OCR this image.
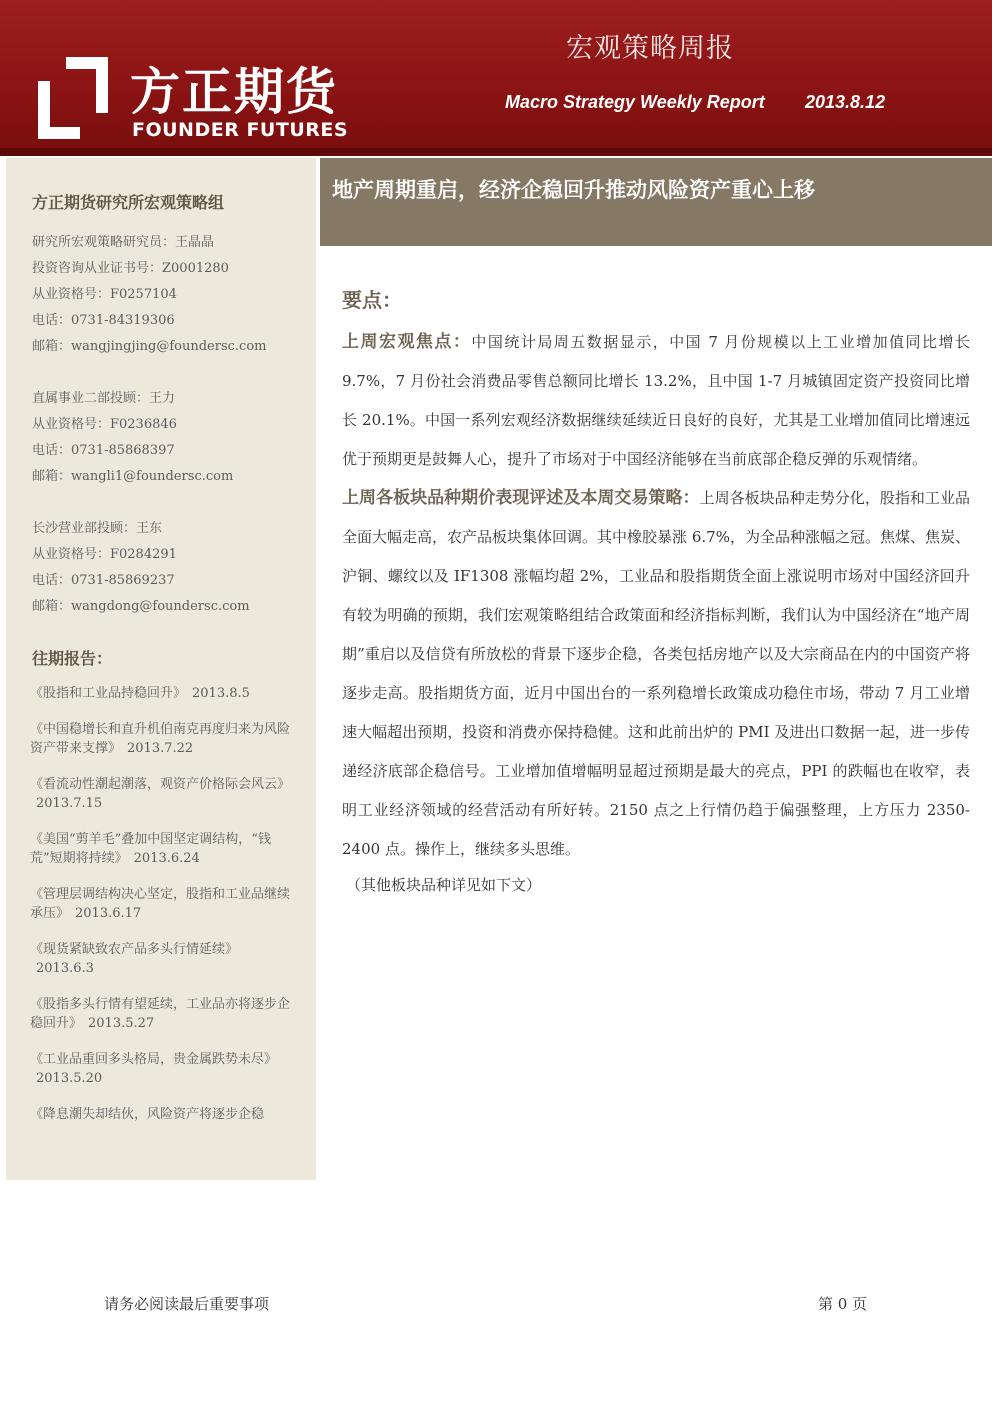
方正期货
FOUNDER FUTURES
宏观策略周报
Macro Strategy Weekly Report 2013.8.12
方正期货研究所宏观策略组
研究所宏观策略研究员：王晶晶
投资咨询从业证书号：Z0001280
从业资格号：F0257104
电话：0731-84319306
邮箱：wangjingjing@foundersc.com
直属事业二部投顾：王力
从业资格号：F0236846
电话：0731-85868397
邮箱：wangli1@foundersc.com
长沙营业部投顾：王东
从业资格号：F0284291
电话：0731-85869237
邮箱：wangdong@foundersc.com
往期报告：
《股指和工业品持稳回升》 2013.8.5
《中国稳增长和直升机伯南克再度归来为风险资产带来支撑》 2013.7.22
《看流动性潮起潮落，观资产价格际会风云》2013.7.15
《美国“剪羊毛”叠加中国坚定调结构，“钱荒”短期将持续》 2013.6.24
《管理层调结构决心坚定，股指和工业品继续承压》 2013.6.17
《现货紧缺致农产品多头行情延续》2013.6.3
《股指多头行情有望延续，工业品亦将逐步企稳回升》 2013.5.27
《工业品重回多头格局，贵金属跌势未尽》2013.5.20
《降息潮失却结伙，风险资产将逐步企稳
地产周期重启，经济企稳回升推动风险资产重心上移
要点：

上周宏观焦点：中国统计局周五数据显示，中国 7 月份规模以上工业增加值同比增长 9.7%，7 月份社会消费品零售总额同比增长 13.2%，且中国 1-7 月城镇固定资产投资同比增长 20.1%。中国一系列宏观经济数据继续延续近日良好的良好，尤其是工业增加值同比增速远优于预期更是鼓舞人心，提升了市场对于中国经济能够在当前底部企稳反弹的乐观情绪。

上周各板块品种期价表现评述及本周交易策略：上周各板块品种走势分化，股指和工业品全面大幅走高，农产品板块集体回调。其中橡胶暴涨 6.7%，为全品种涨幅之冠。焦煤、焦炭、沪铜、螺纹以及 IF1308 涨幅均超 2%，工业品和股指期货全面上涨说明市场对中国经济回升有较为明确的预期，我们宏观策略组结合政策面和经济指标判断，我们认为中国经济在“地产周期”重启以及信贷有所放松的背景下逐步企稳，各类包括房地产以及大宗商品在内的中国资产将逐步走高。股指期货方面，近月中国出台的一系列稳增长政策成功稳住市场，带动 7 月工业增速大幅超出预期，投资和消费亦保持稳健。这和此前出炉的 PMI 及进出口数据一起，进一步传递经济底部企稳信号。工业增加值增幅明显超过预期是最大的亮点，PPI 的跌幅也在收窄，表明工业经济领域的经营活动有所好转。2150 点之上行情仍趋于偏强整理，上方压力 2350-2400 点。操作上，继续多头思维。

（其他板块品种详见如下文）
请务必阅读最后重要事项	第 0 页
